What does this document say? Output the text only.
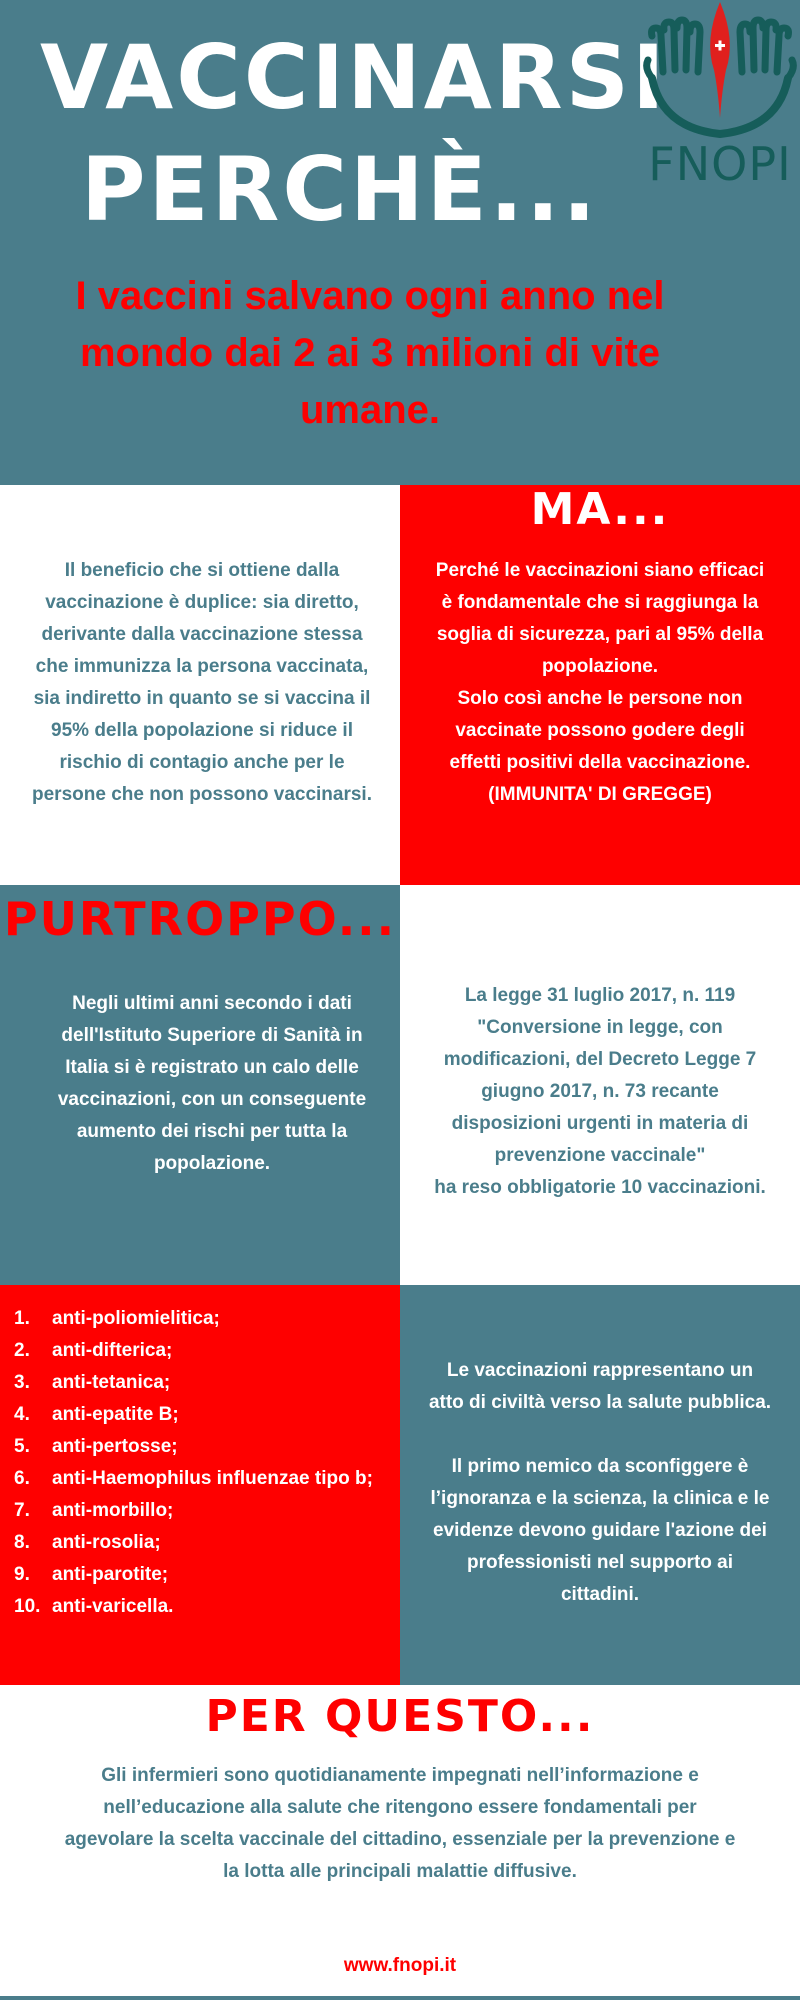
VACCINARSI
PERCHÈ...	FNOPI
I vaccini salvano ogni anno nel mondo dai 2 ai 3 milioni di vite umane.
MA...

Il beneficio che si ottiene dalla

vaccinazione è duplice: sia diretto,

derivante dalla vaccinazione stessa

che immunizza la persona vaccinata,

sia indiretto in quanto se si vaccina il

95% della popolazione si riduce il

rischio di contagio anche per le

persone che non possono vaccinarsi.

Perché le vaccinazioni siano efficaci

è fondamentale che si raggiunga la

soglia di sicurezza, pari al 95% della

popolazione.

Solo così anche le persone non

vaccinate possono godere degli

effetti positivi della vaccinazione.

(IMMUNITA' DI GREGGE)

PURTROPPO...

Negli ultimi anni secondo i dati

dell'Istituto Superiore di Sanità in

Italia si è registrato un calo delle

vaccinazioni, con un conseguente

aumento dei rischi per tutta la

popolazione.

La legge 31 luglio 2017, n. 119

"Conversione in legge, con

modificazioni, del Decreto Legge 7

giugno 2017, n. 73 recante

disposizioni urgenti in materia di

prevenzione vaccinale"

ha reso obbligatorie 10 vaccinazioni.

1. anti-poliomielitica;
2. anti-difterica;
3. anti-tetanica;
4. anti-epatite B;
5. anti-pertosse;
6. anti-Haemophilus influenzae tipo b;
7. anti-morbillo;
8. anti-rosolia;
9. anti-parotite;
10. anti-varicella.

Le vaccinazioni rappresentano un

atto di civiltà verso la salute pubblica.

Il primo nemico da sconfiggere è

l’ignoranza e la scienza, la clinica e le

evidenze devono guidare l'azione dei

professionisti nel supporto ai

cittadini.

PER QUESTO...

Gli infermieri sono quotidianamente impegnati nell’informazione e

nell’educazione alla salute che ritengono essere fondamentali per

agevolare la scelta vaccinale del cittadino, essenziale per la prevenzione e

la lotta alle principali malattie diffusive.

www.fnopi.it
